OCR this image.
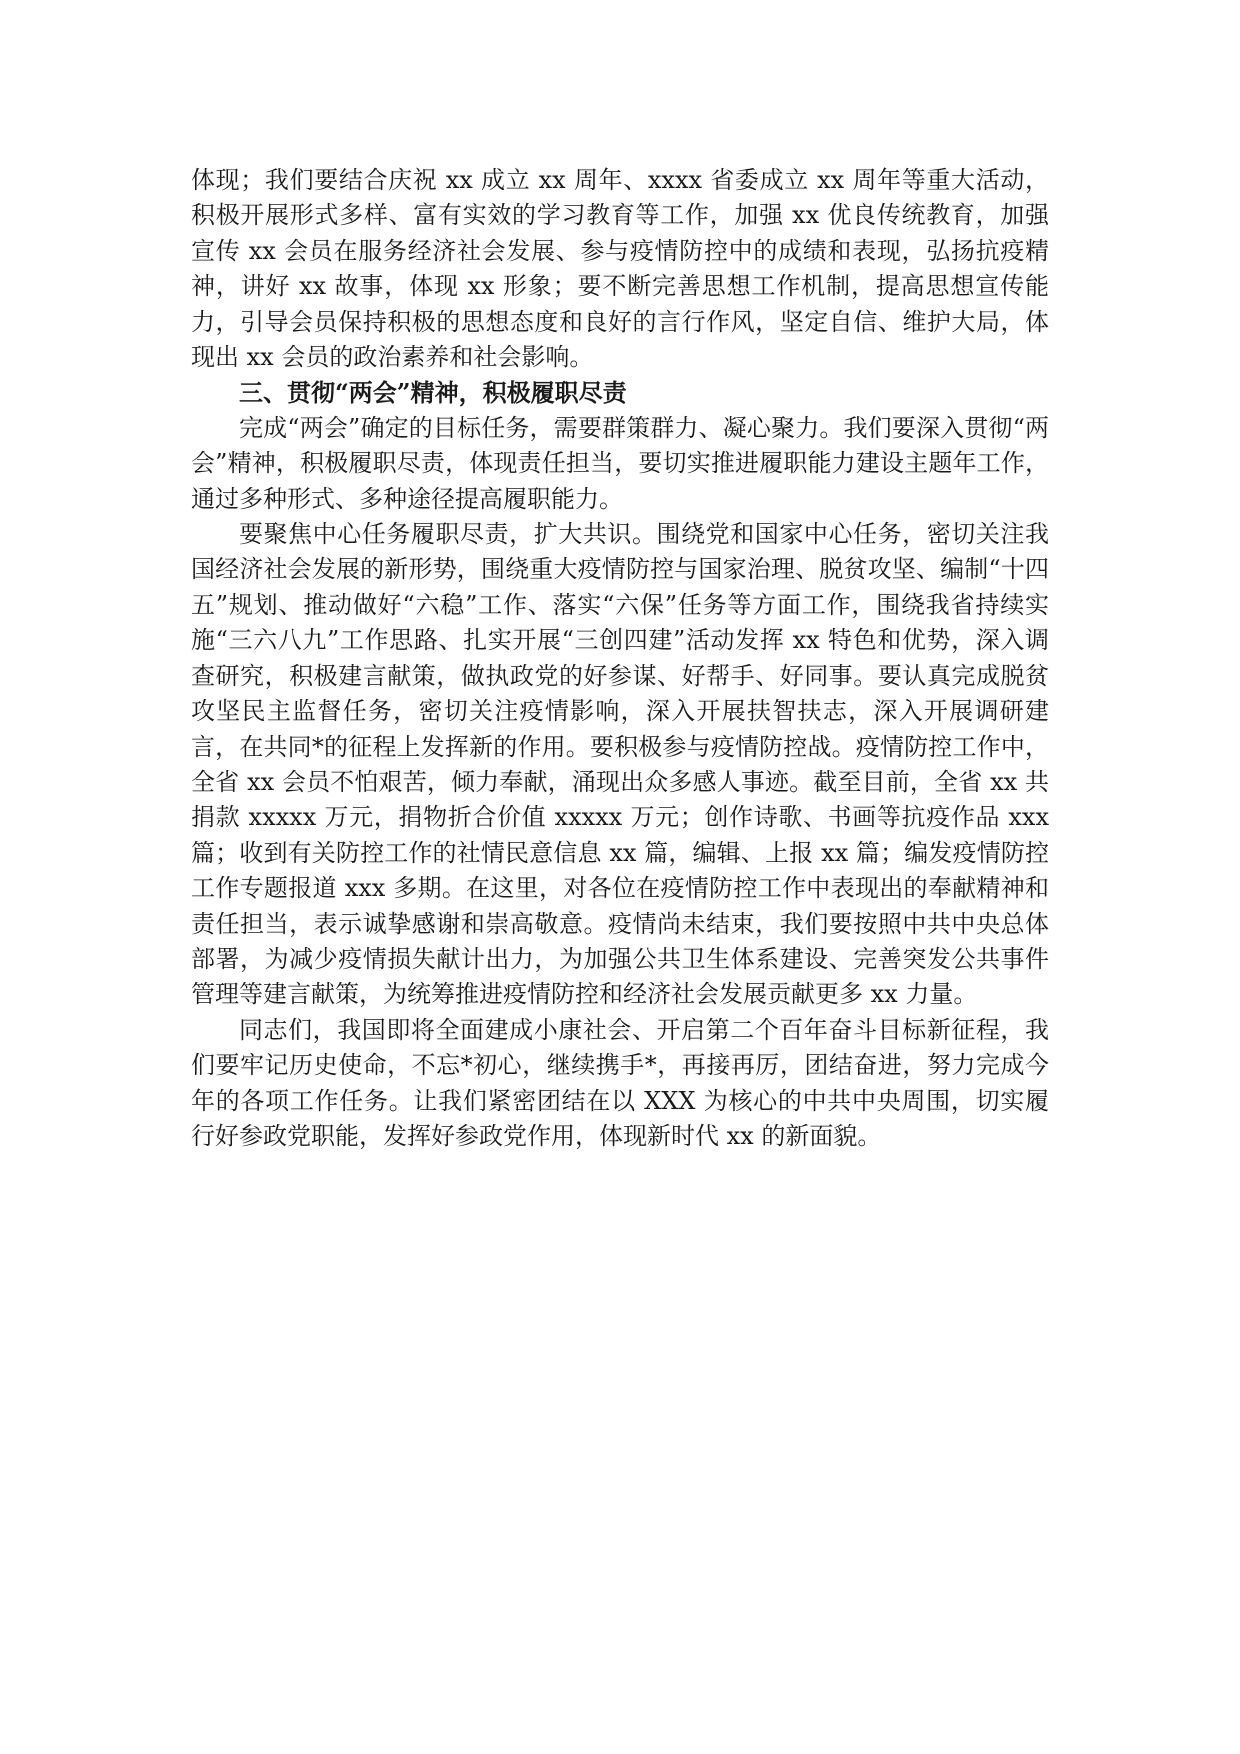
体现；我们要结合庆祝 xx 成立 xx 周年、xxxx 省委成立 xx 周年等重大活动，积极开展形式多样、富有实效的学习教育等工作，加强 xx 优良传统教育，加强宣传 xx 会员在服务经济社会发展、参与疫情防控中的成绩和表现，弘扬抗疫精神，讲好 xx 故事，体现 xx 形象；要不断完善思想工作机制，提高思想宣传能力，引导会员保持积极的思想态度和良好的言行作风，坚定自信、维护大局，体现出 xx 会员的政治素养和社会影响。

三、贯彻“两会”精神，积极履职尽责

完成“两会”确定的目标任务，需要群策群力、凝心聚力。我们要深入贯彻“两会”精神，积极履职尽责，体现责任担当，要切实推进履职能力建设主题年工作，通过多种形式、多种途径提高履职能力。

要聚焦中心任务履职尽责，扩大共识。围绕党和国家中心任务，密切关注我国经济社会发展的新形势，围绕重大疫情防控与国家治理、脱贫攻坚、编制“十四五”规划、推动做好“六稳”工作、落实“六保”任务等方面工作，围绕我省持续实施“三六八九”工作思路、扎实开展“三创四建”活动发挥 xx 特色和优势，深入调查研究，积极建言献策，做执政党的好参谋、好帮手、好同事。要认真完成脱贫攻坚民主监督任务，密切关注疫情影响，深入开展扶智扶志，深入开展调研建言，在共同*的征程上发挥新的作用。要积极参与疫情防控战。疫情防控工作中，全省 xx 会员不怕艰苦，倾力奉献，涌现出众多感人事迹。截至目前，全省 xx 共捐款 xxxxx 万元，捐物折合价值 xxxxx 万元；创作诗歌、书画等抗疫作品 xxx 篇；收到有关防控工作的社情民意信息 xx 篇，编辑、上报 xx 篇；编发疫情防控工作专题报道 xxx 多期。在这里，对各位在疫情防控工作中表现出的奉献精神和责任担当，表示诚挚感谢和崇高敬意。疫情尚未结束，我们要按照中共中央总体部署，为减少疫情损失献计出力，为加强公共卫生体系建设、完善突发公共事件管理等建言献策，为统筹推进疫情防控和经济社会发展贡献更多 xx 力量。

同志们，我国即将全面建成小康社会、开启第二个百年奋斗目标新征程，我们要牢记历史使命，不忘*初心，继续携手*，再接再厉，团结奋进，努力完成今年的各项工作任务。让我们紧密团结在以 XXX 为核心的中共中央周围，切实履行好参政党职能，发挥好参政党作用，体现新时代 xx 的新面貌。
